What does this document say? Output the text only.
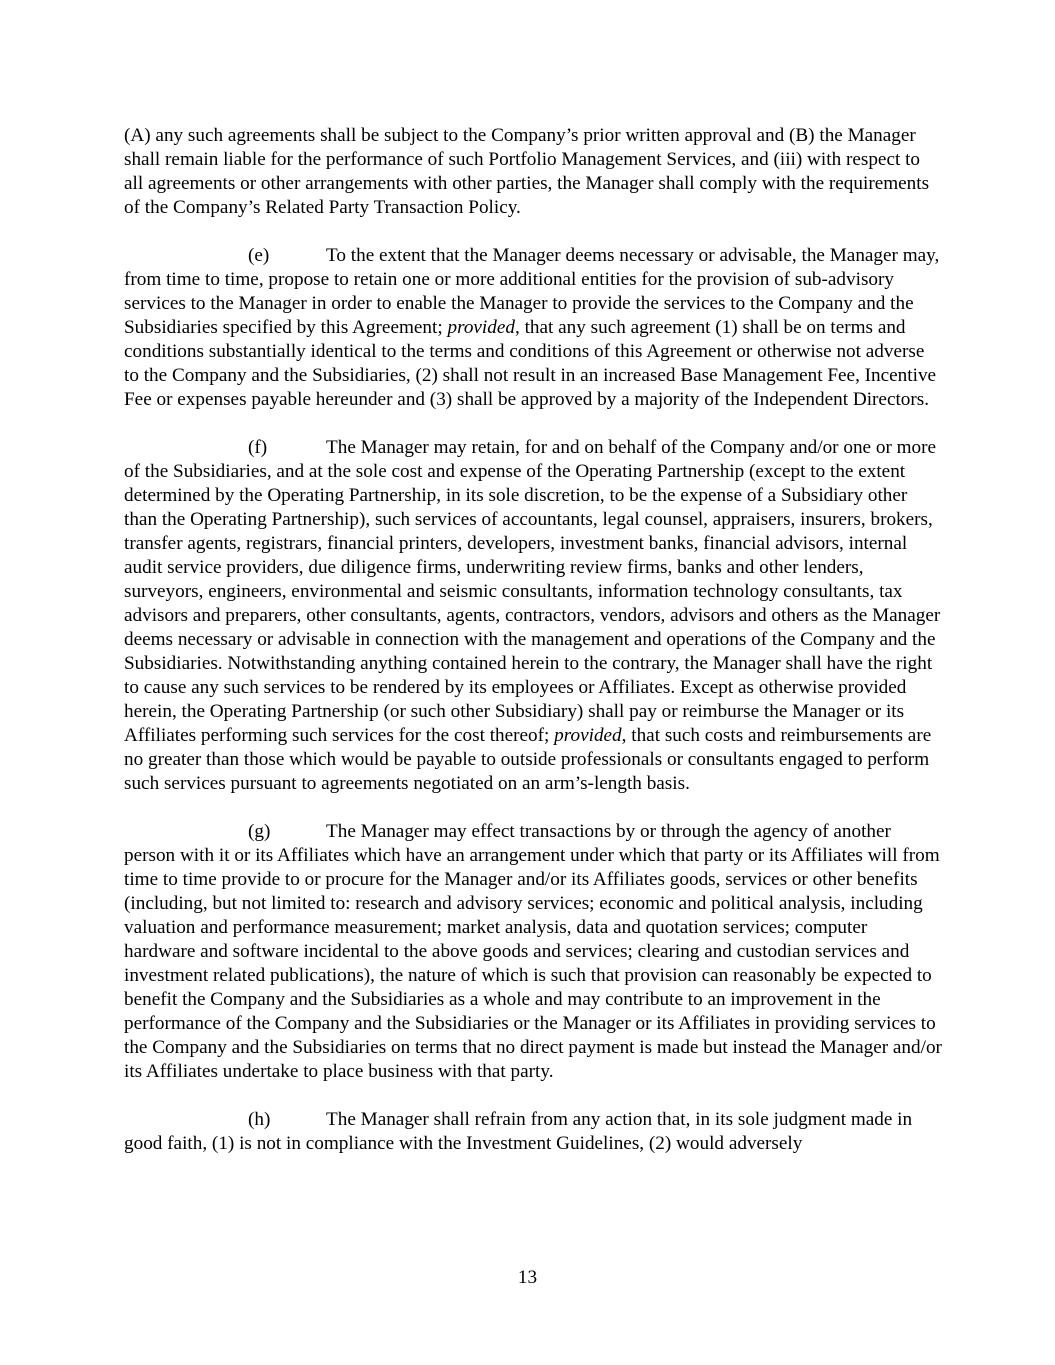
(A) any such agreements shall be subject to the Company’s prior written approval and (B) the Manager shall remain liable for the performance of such Portfolio Management Services, and (iii) with respect to all agreements or other arrangements with other parties, the Manager shall comply with the requirements of the Company’s Related Party Transaction Policy.

(e)	To the extent that the Manager deems necessary or advisable, the Manager may, from time to time, propose to retain one or more additional entities for the provision of sub-advisory services to the Manager in order to enable the Manager to provide the services to the Company and the Subsidiaries specified by this Agreement; provided, that any such agreement (1) shall be on terms and conditions substantially identical to the terms and conditions of this Agreement or otherwise not adverse to the Company and the Subsidiaries, (2) shall not result in an increased Base Management Fee, Incentive Fee or expenses payable hereunder and (3) shall be approved by a majority of the Independent Directors.

(f)	The Manager may retain, for and on behalf of the Company and/or one or more of the Subsidiaries, and at the sole cost and expense of the Operating Partnership (except to the extent determined by the Operating Partnership, in its sole discretion, to be the expense of a Subsidiary other than the Operating Partnership), such services of accountants, legal counsel, appraisers, insurers, brokers, transfer agents, registrars, financial printers, developers, investment banks, financial advisors, internal audit service providers, due diligence firms, underwriting review firms, banks and other lenders, surveyors, engineers, environmental and seismic consultants, information technology consultants, tax advisors and preparers, other consultants, agents, contractors, vendors, advisors and others as the Manager deems necessary or advisable in connection with the management and operations of the Company and the Subsidiaries. Notwithstanding anything contained herein to the contrary, the Manager shall have the right to cause any such services to be rendered by its employees or Affiliates. Except as otherwise provided herein, the Operating Partnership (or such other Subsidiary) shall pay or reimburse the Manager or its Affiliates performing such services for the cost thereof; provided, that such costs and reimbursements are no greater than those which would be payable to outside professionals or consultants engaged to perform such services pursuant to agreements negotiated on an arm’s-length basis.

(g)	The Manager may effect transactions by or through the agency of another person with it or its Affiliates which have an arrangement under which that party or its Affiliates will from time to time provide to or procure for the Manager and/or its Affiliates goods, services or other benefits (including, but not limited to: research and advisory services; economic and political analysis, including valuation and performance measurement; market analysis, data and quotation services; computer hardware and software incidental to the above goods and services; clearing and custodian services and investment related publications), the nature of which is such that provision can reasonably be expected to benefit the Company and the Subsidiaries as a whole and may contribute to an improvement in the performance of the Company and the Subsidiaries or the Manager or its Affiliates in providing services to the Company and the Subsidiaries on terms that no direct payment is made but instead the Manager and/or its Affiliates undertake to place business with that party.

(h)	The Manager shall refrain from any action that, in its sole judgment made in good faith, (1) is not in compliance with the Investment Guidelines, (2) would adversely

13
